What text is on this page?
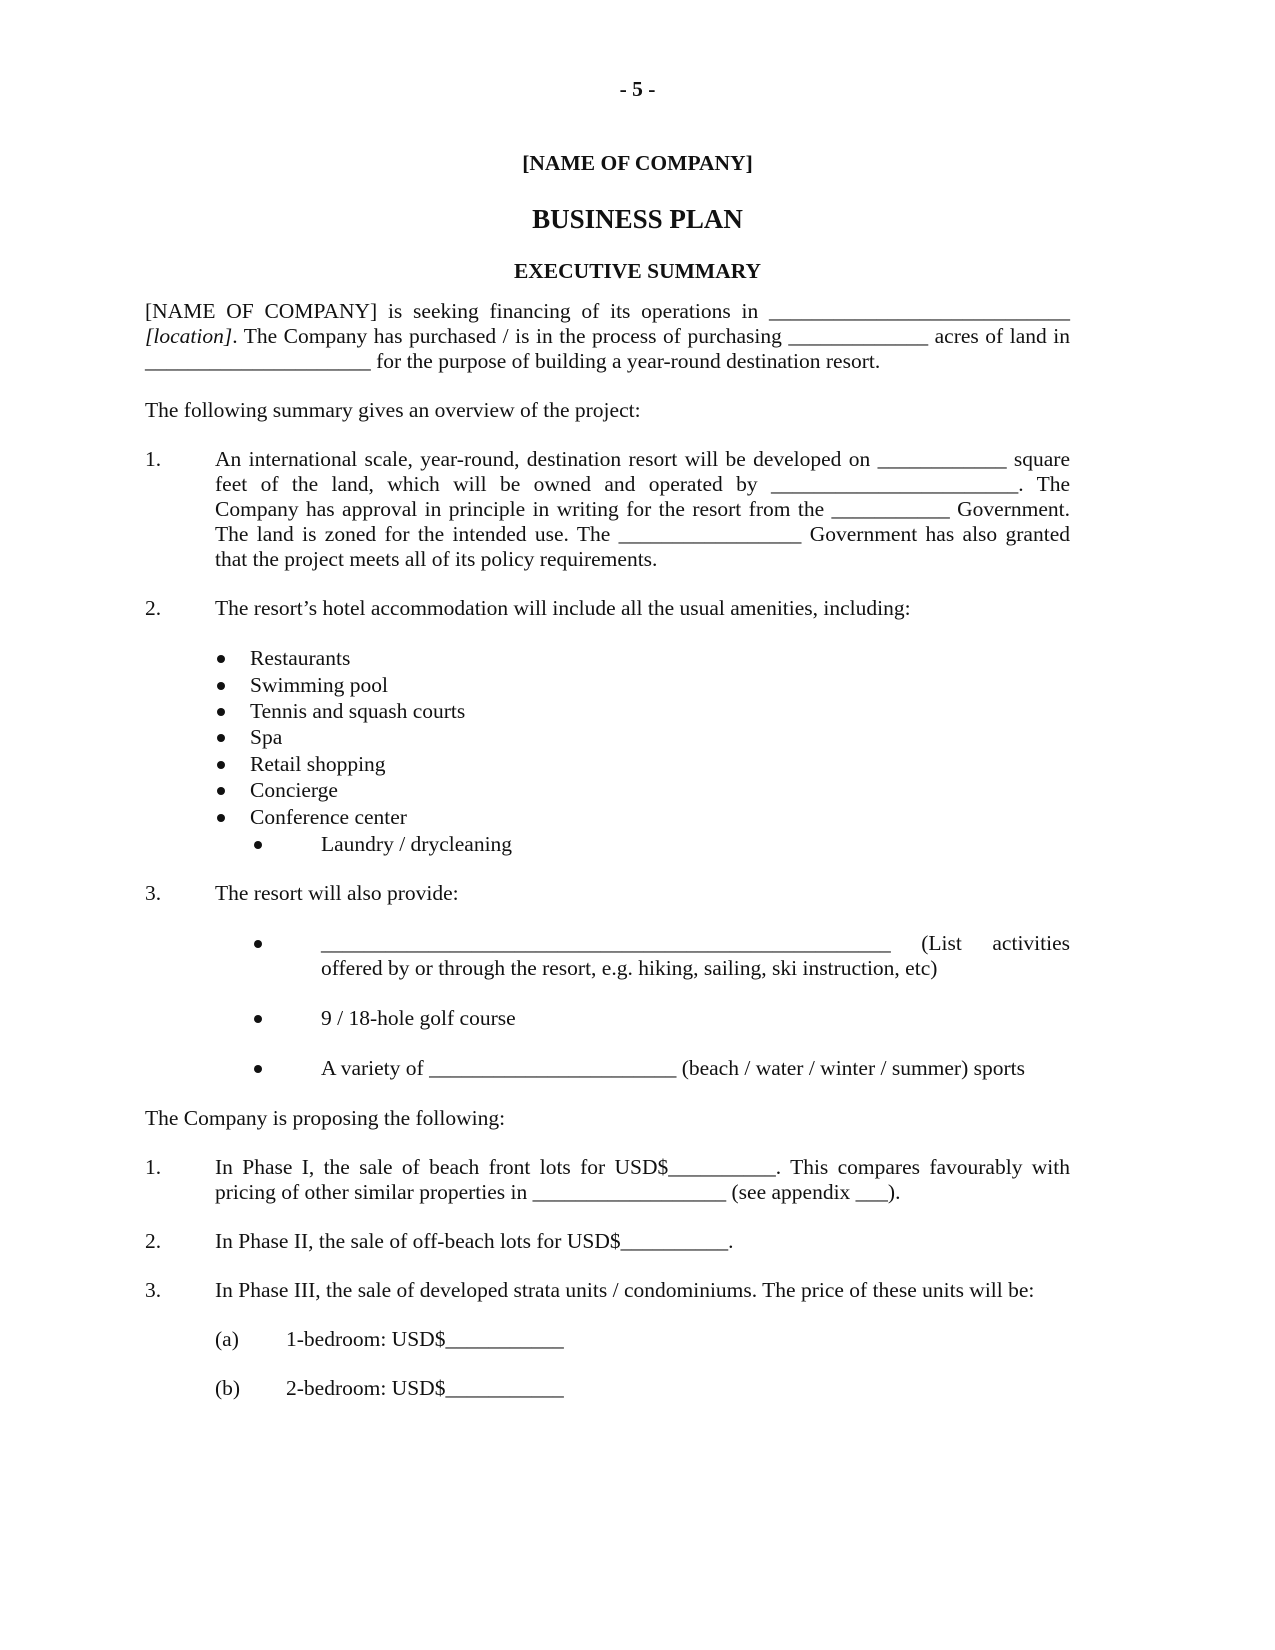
- 5 -
[NAME OF COMPANY]
BUSINESS PLAN
EXECUTIVE SUMMARY
[NAME OF COMPANY] is seeking financing of its operations in ____________________________
[location] . The Company has purchased / is in the process of purchasing _____________ acres of land in
_____________________ for the purpose of building a year-round destination resort.
The following summary gives an overview of the project:
1.	An international scale, year-round, destination resort will be developed on ____________ square
feet of the land, which will be owned and operated by _______________________. The
Company has approval in principle in writing for the resort from the ___________ Government.
The land is zoned for the intended use. The _________________ Government has also granted
that the project meets all of its policy requirements.
2.	The resort’s hotel accommodation will include all the usual amenities, including:
Restaurants
Swimming pool
Tennis and squash courts
Spa
Retail shopping
Concierge
Conference center
Laundry / drycleaning
3.	The resort will also provide:
_____________________________________________________ (List activities
offered by or through the resort, e.g. hiking, sailing, ski instruction, etc)
9 / 18-hole golf course
A variety of _______________________ (beach / water / winter / summer) sports
The Company is proposing the following:
1.	In Phase I, the sale of beach front lots for USD$__________. This compares favourably with
pricing of other similar properties in __________________ (see appendix ___).
2.	In Phase II, the sale of off-beach lots for USD$__________.
3.	In Phase III, the sale of developed strata units / condominiums. The price of these units will be:
(a) 1-bedroom: USD$___________
(b) 2-bedroom: USD$___________
